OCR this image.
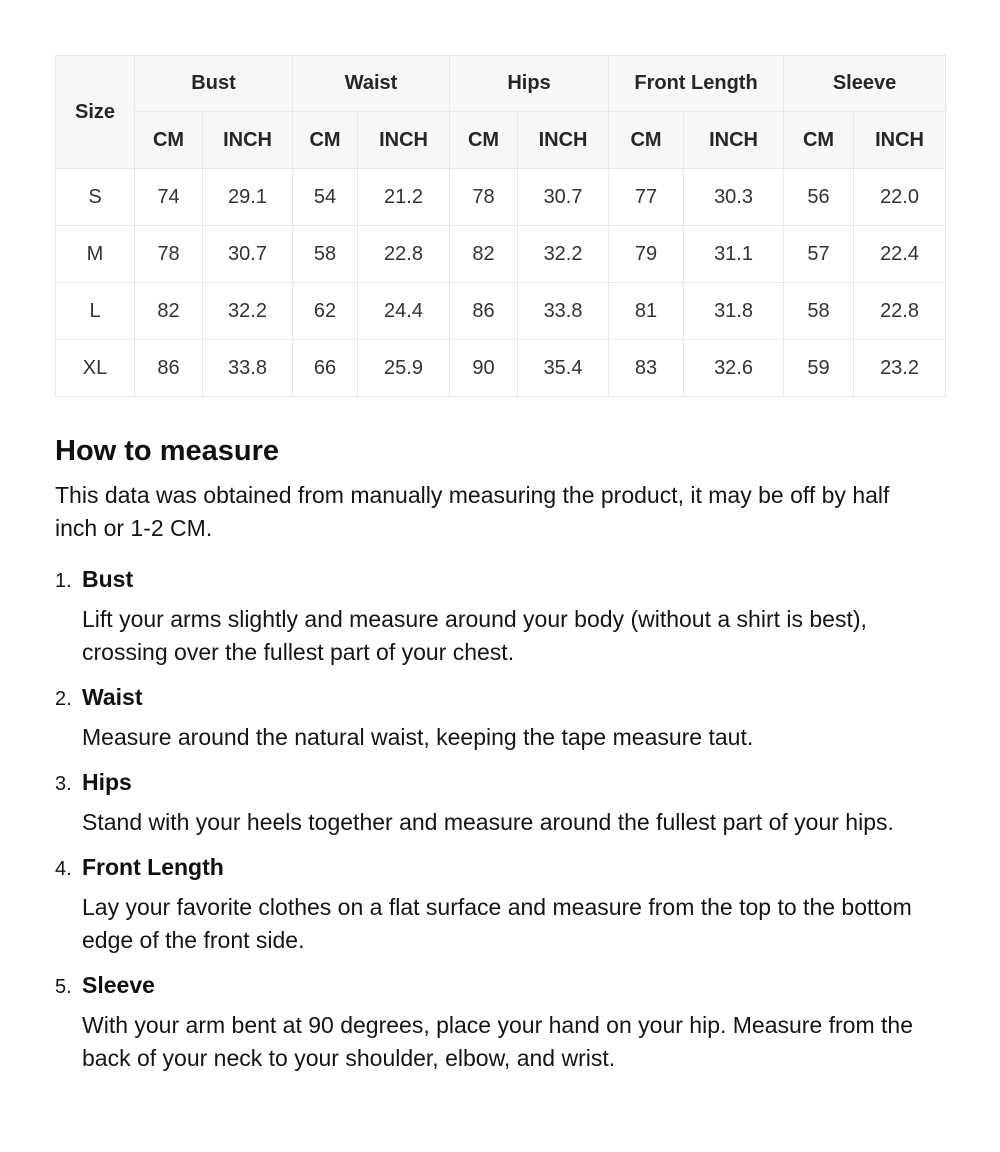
Size	Bust		Waist		Hips		Front Length		Sleeve	
	CM	INCH	CM	INCH	CM	INCH	CM	INCH	CM	INCH
S	74	29.1	54	21.2	78	30.7	77	30.3	56	22.0
M	78	30.7	58	22.8	82	32.2	79	31.1	57	22.4
L	82	32.2	62	24.4	86	33.8	81	31.8	58	22.8
XL	86	33.8	66	25.9	90	35.4	83	32.6	59	23.2
How to measure

This data was obtained from manually measuring the product, it may be off by half inch or 1-2 CM.

1. Bust

Lift your arms slightly and measure around your body (without a shirt is best), crossing over the fullest part of your chest.

2. Waist

Measure around the natural waist, keeping the tape measure taut.

3. Hips

Stand with your heels together and measure around the fullest part of your hips.

4. Front Length

Lay your favorite clothes on a flat surface and measure from the top to the bottom edge of the front side.

5. Sleeve

With your arm bent at 90 degrees, place your hand on your hip. Measure from the back of your neck to your shoulder, elbow, and wrist.
